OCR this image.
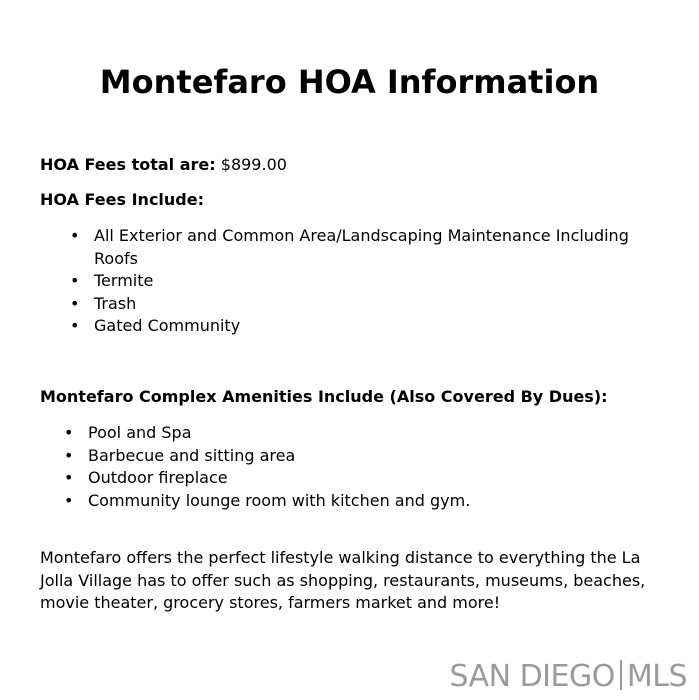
Montefaro HOA Information

HOA Fees total are: $899.00

HOA Fees Include:

• All Exterior and Common Area/Landscaping Maintenance Including Roofs
• Termite
• Trash
• Gated Community

Montefaro Complex Amenities Include (Also Covered By Dues):

• Pool and Spa
• Barbecue and sitting area
• Outdoor fireplace
• Community lounge room with kitchen and gym.

Montefaro offers the perfect lifestyle walking distance to everything the La Jolla Village has to offer such as shopping, restaurants, museums, beaches, movie theater, grocery stores, farmers market and more!

SAN DIEGO MLS
